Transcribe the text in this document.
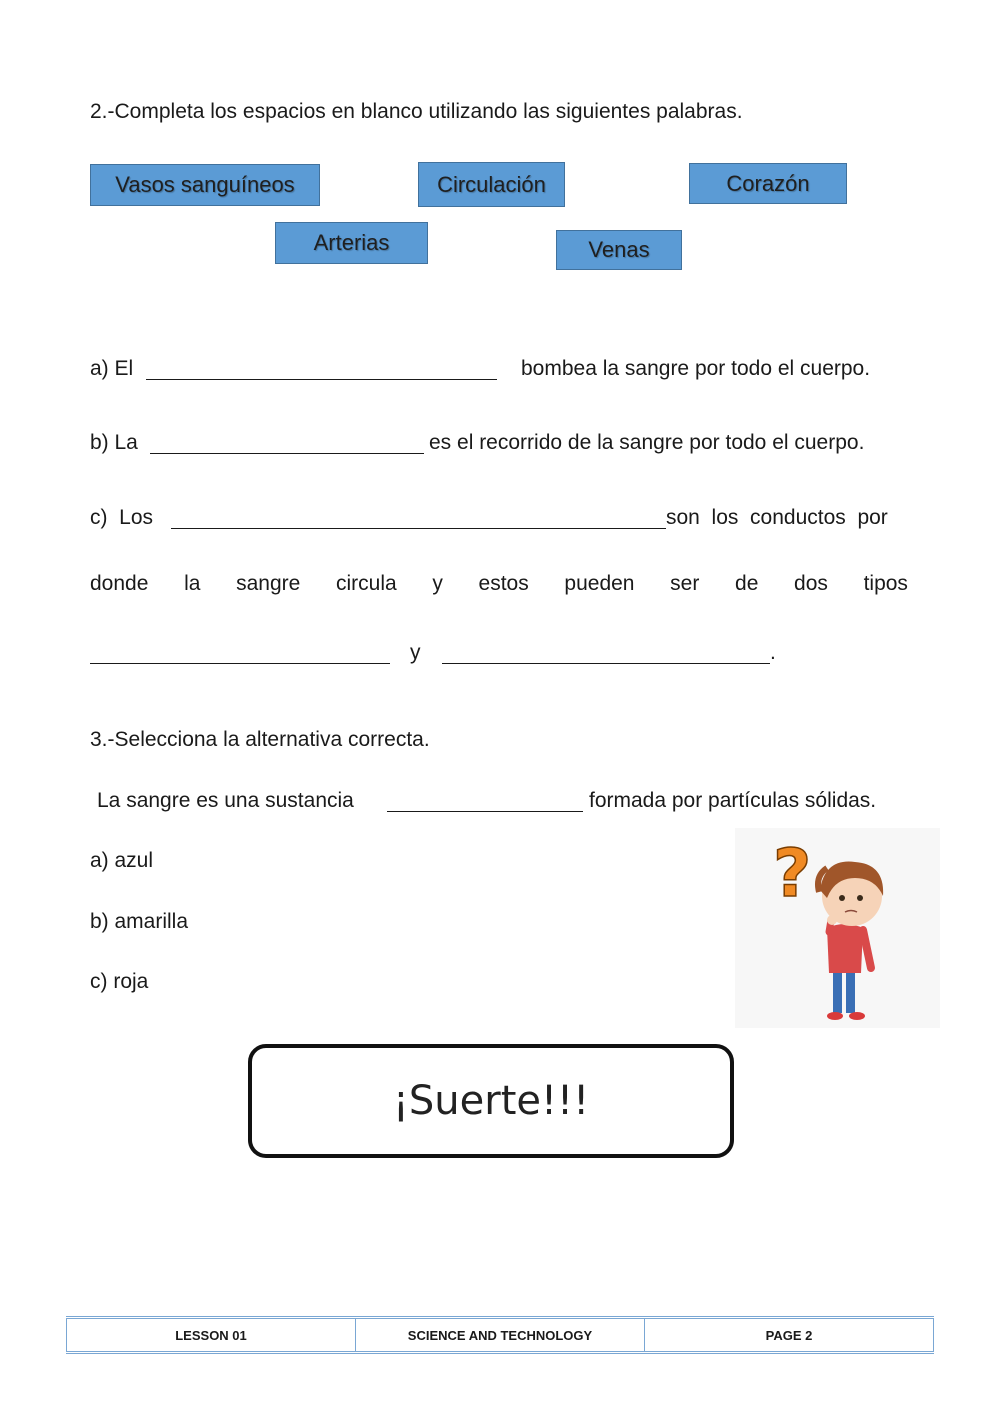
2.-Completa los espacios en blanco utilizando las siguientes palabras.
Vasos sanguíneos	Circulación	Corazón
Arterias	Venas
a) El	bombea la sangre por todo el cuerpo.
b) La	es el recorrido de la sangre por todo el cuerpo.
c)  Los	son  los  conductos  por
donde la sangre circula y estos pueden ser de dos tipos
y	.
3.-Selecciona la alternativa correcta.
La sangre es una sustancia	formada por partículas sólidas.
a) azul
b) amarilla
c) roja
?
¡Suerte!!!
LESSON 01	SCIENCE AND TECHNOLOGY	PAGE 2
